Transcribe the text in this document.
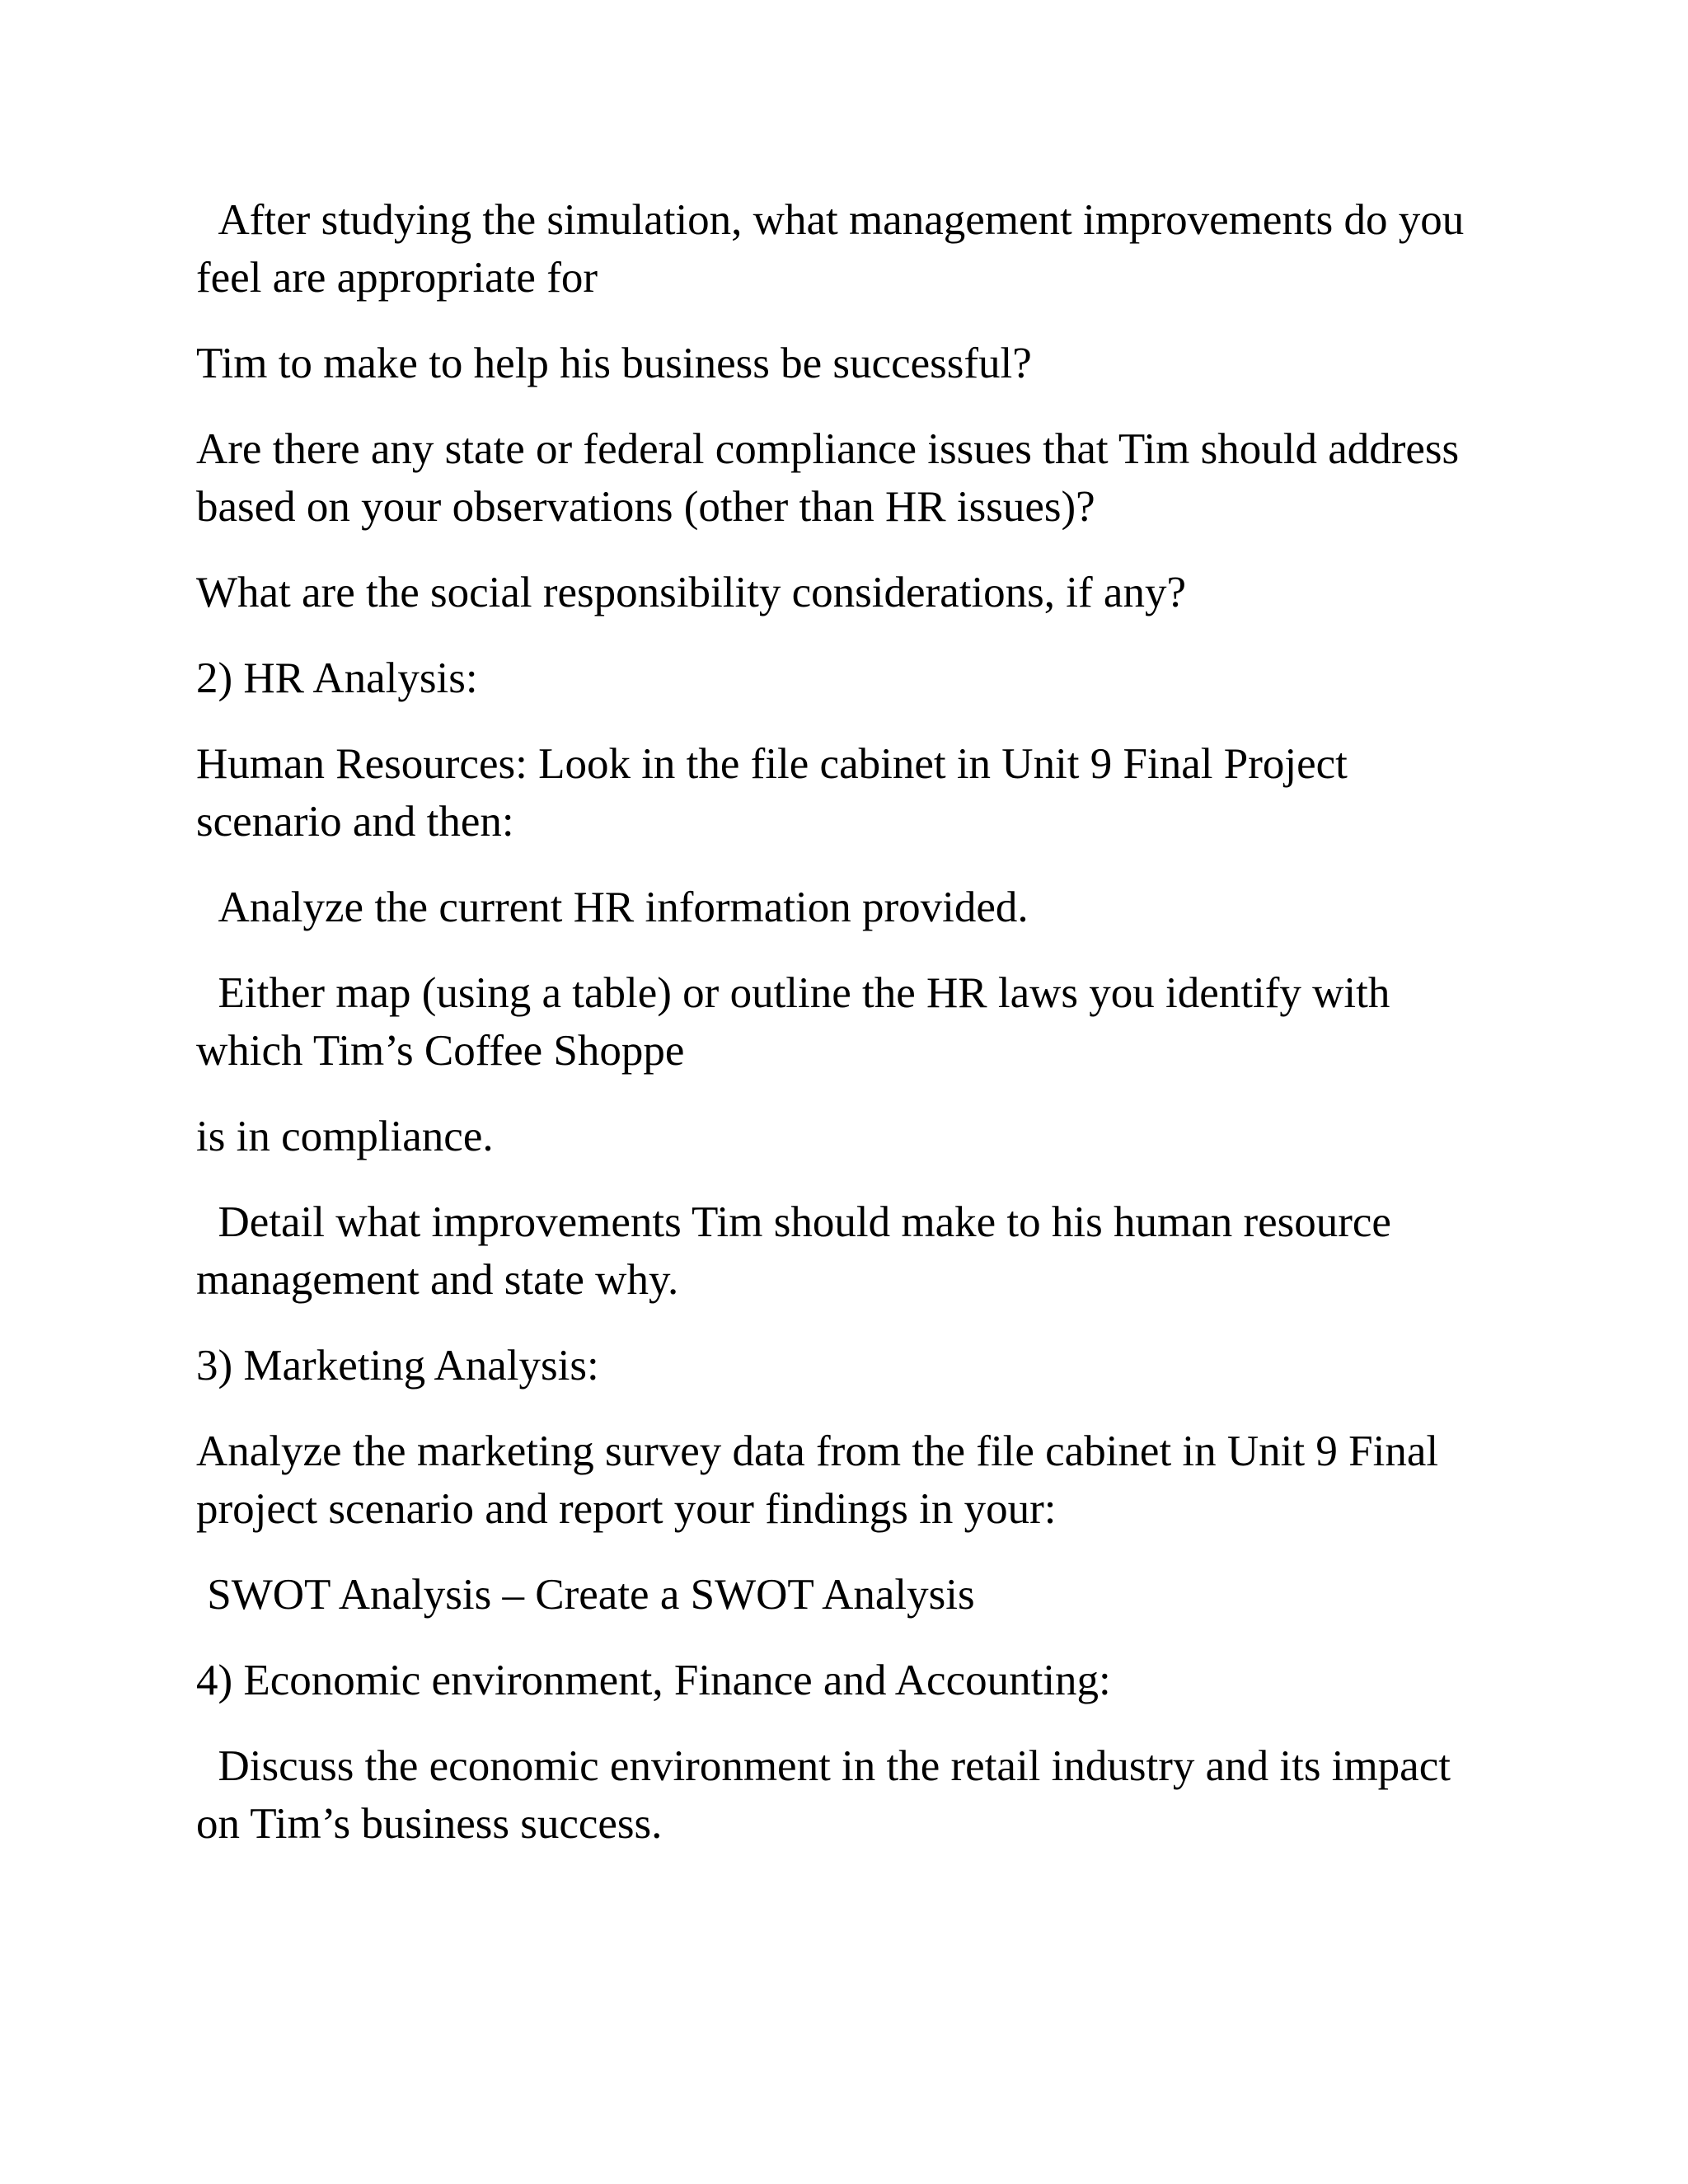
After studying the simulation, what management improvements do you feel are appropriate for

Tim to make to help his business be successful?

Are there any state or federal compliance issues that Tim should address based on your observations (other than HR issues)?

What are the social responsibility considerations, if any?

2) HR Analysis:

Human Resources: Look in the file cabinet in Unit 9 Final Project scenario and then:

Analyze the current HR information provided.

Either map (using a table) or outline the HR laws you identify with which Tim’s Coffee Shoppe

is in compliance.

Detail what improvements Tim should make to his human resource management and state why.

3) Marketing Analysis:

Analyze the marketing survey data from the file cabinet in Unit 9 Final project scenario and report your findings in your:

SWOT Analysis – Create a SWOT Analysis

4) Economic environment, Finance and Accounting:

Discuss the economic environment in the retail industry and its impact on Tim’s business success.
